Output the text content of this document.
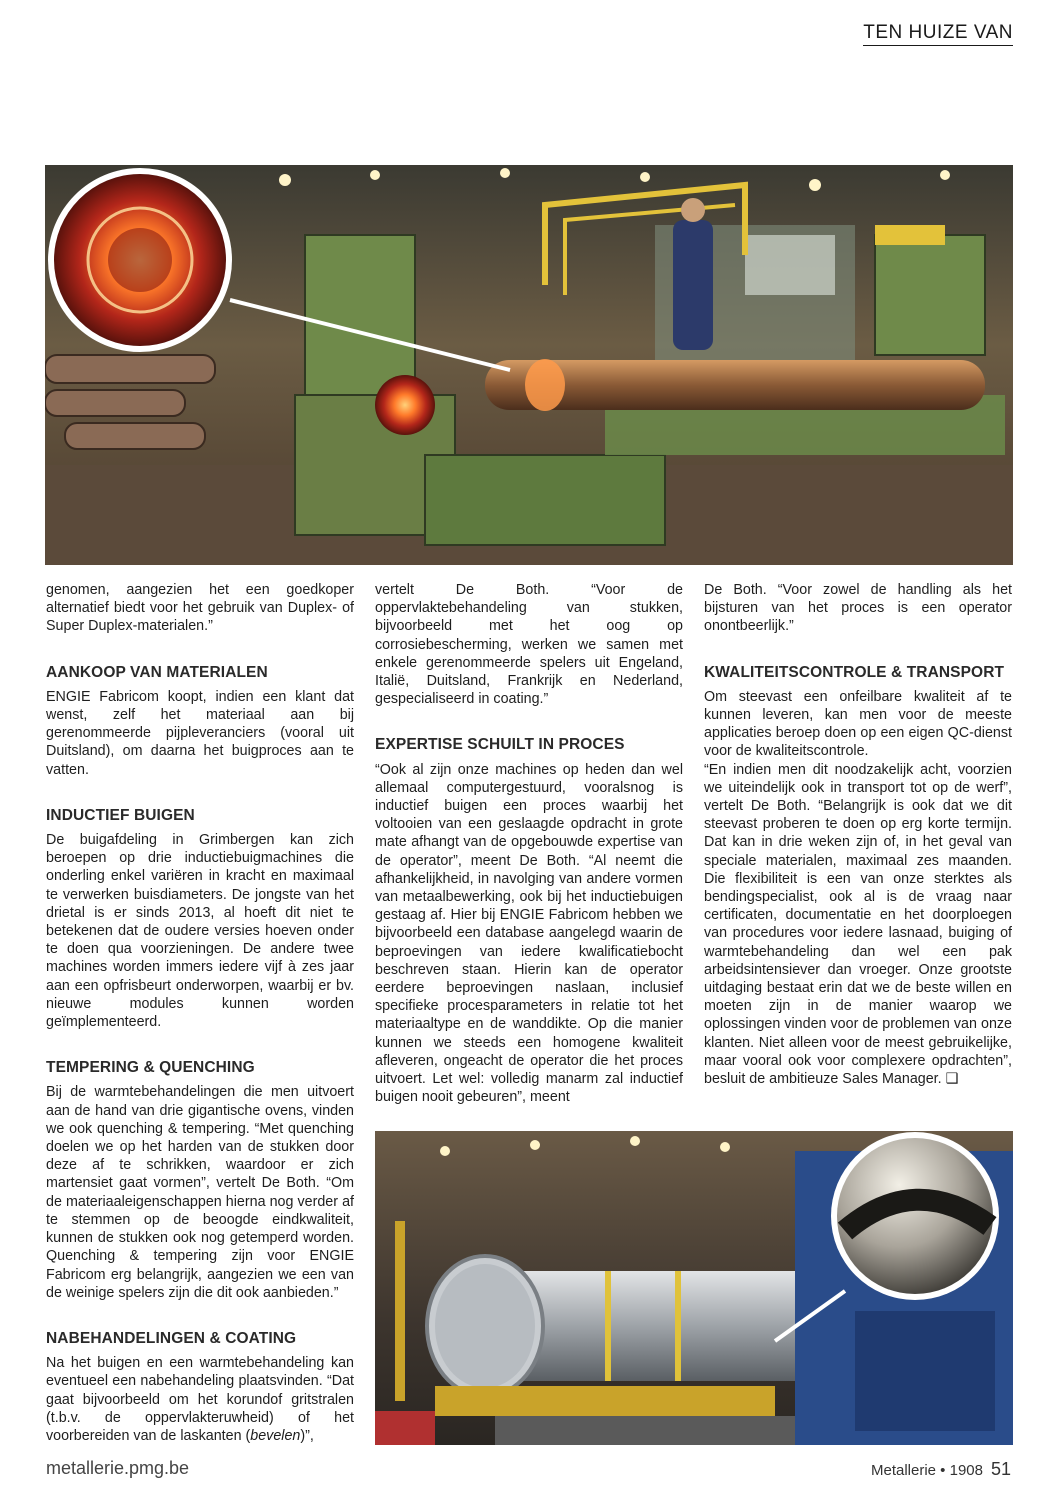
TEN HUIZE VAN

genomen, aangezien het een goedkoper alternatief biedt voor het gebruik van Duplex- of Super Duplex-materialen.”

AANKOOP VAN MATERIALEN

ENGIE Fabricom koopt, indien een klant dat wenst, zelf het materiaal aan bij gerenommeerde pijpleveranciers (vooral uit Duitsland), om daarna het buigproces aan te vatten.

INDUCTIEF BUIGEN

De buigafdeling in Grimbergen kan zich beroepen op drie inductiebuigmachines die onderling enkel variëren in kracht en maximaal te verwerken buisdiameters. De jongste van het drietal is er sinds 2013, al hoeft dit niet te betekenen dat de oudere versies hoeven onder te doen qua voorzieningen. De andere twee machines worden immers iedere vijf à zes jaar aan een opfrisbeurt onderworpen, waarbij er bv. nieuwe modules kunnen worden geïmplementeerd.

TEMPERING & QUENCHING

Bij de warmtebehandelingen die men uitvoert aan de hand van drie gigantische ovens, vinden we ook quenching & tempering. “Met quenching doelen we op het harden van de stukken door deze af te schrikken, waardoor er zich martensiet gaat vormen”, vertelt De Both. “Om de materiaaleigenschappen hierna nog verder af te stemmen op de beoogde eindkwaliteit, kunnen de stukken ook nog getemperd worden. Quenching & tempering zijn voor ENGIE Fabricom erg belangrijk, aangezien we een van de weinige spelers zijn die dit ook aanbieden.”

NABEHANDELINGEN & COATING

Na het buigen en een warmtebehandeling kan eventueel een nabehandeling plaatsvinden. “Dat gaat bijvoorbeeld om het korundof gritstralen (t.b.v. de oppervlakteruwheid) of het voorbereiden van de laskanten (bevelen)”,

vertelt De Both. “Voor de oppervlaktebehandeling van stukken, bijvoorbeeld met het oog op corrosiebescherming, werken we samen met enkele gerenommeerde spelers uit Engeland, Italië, Duitsland, Frankrijk en Nederland, gespecialiseerd in coating.”

EXPERTISE SCHUILT IN PROCES

“Ook al zijn onze machines op heden dan wel allemaal computergestuurd, vooralsnog is inductief buigen een proces waarbij het voltooien van een geslaagde opdracht in grote mate afhangt van de opgebouwde expertise van de operator”, meent De Both. “Al neemt die afhankelijkheid, in navolging van andere vormen van metaalbewerking, ook bij het inductiebuigen gestaag af. Hier bij ENGIE Fabricom hebben we bijvoorbeeld een database aangelegd waarin de beproevingen van iedere kwalificatiebocht beschreven staan. Hierin kan de operator eerdere beproevingen naslaan, inclusief specifieke procesparameters in relatie tot het materiaaltype en de wanddikte. Op die manier kunnen we steeds een homogene kwaliteit afleveren, ongeacht de operator die het proces uitvoert. Let wel: volledig manarm zal inductief buigen nooit gebeuren”, meent

De Both. “Voor zowel de handling als het bijsturen van het proces is een operator onontbeerlijk.”

KWALITEITSCONTROLE & TRANSPORT

Om steevast een onfeilbare kwaliteit af te kunnen leveren, kan men voor de meeste applicaties beroep doen op een eigen QC-dienst voor de kwaliteitscontrole.

“En indien men dit noodzakelijk acht, voorzien we uiteindelijk ook in transport tot op de werf”, vertelt De Both. “Belangrijk is ook dat we dit steevast proberen te doen op erg korte termijn. Dat kan in drie weken zijn of, in het geval van speciale materialen, maximaal zes maanden. Die flexibiliteit is een van onze sterktes als bendingspecialist, ook al is de vraag naar certificaten, documentatie en het doorploegen van procedures voor iedere lasnaad, buiging of warmtebehandeling dan wel een pak arbeidsintensiever dan vroeger. Onze grootste uitdaging bestaat erin dat we de beste willen en moeten zijn in de manier waarop we oplossingen vinden voor de problemen van onze klanten. Niet alleen voor de meest gebruikelijke, maar vooral ook voor complexere opdrachten”, besluit de ambitieuze Sales Manager. ❑

metallerie.pmg.be	Metallerie • 1908 51
